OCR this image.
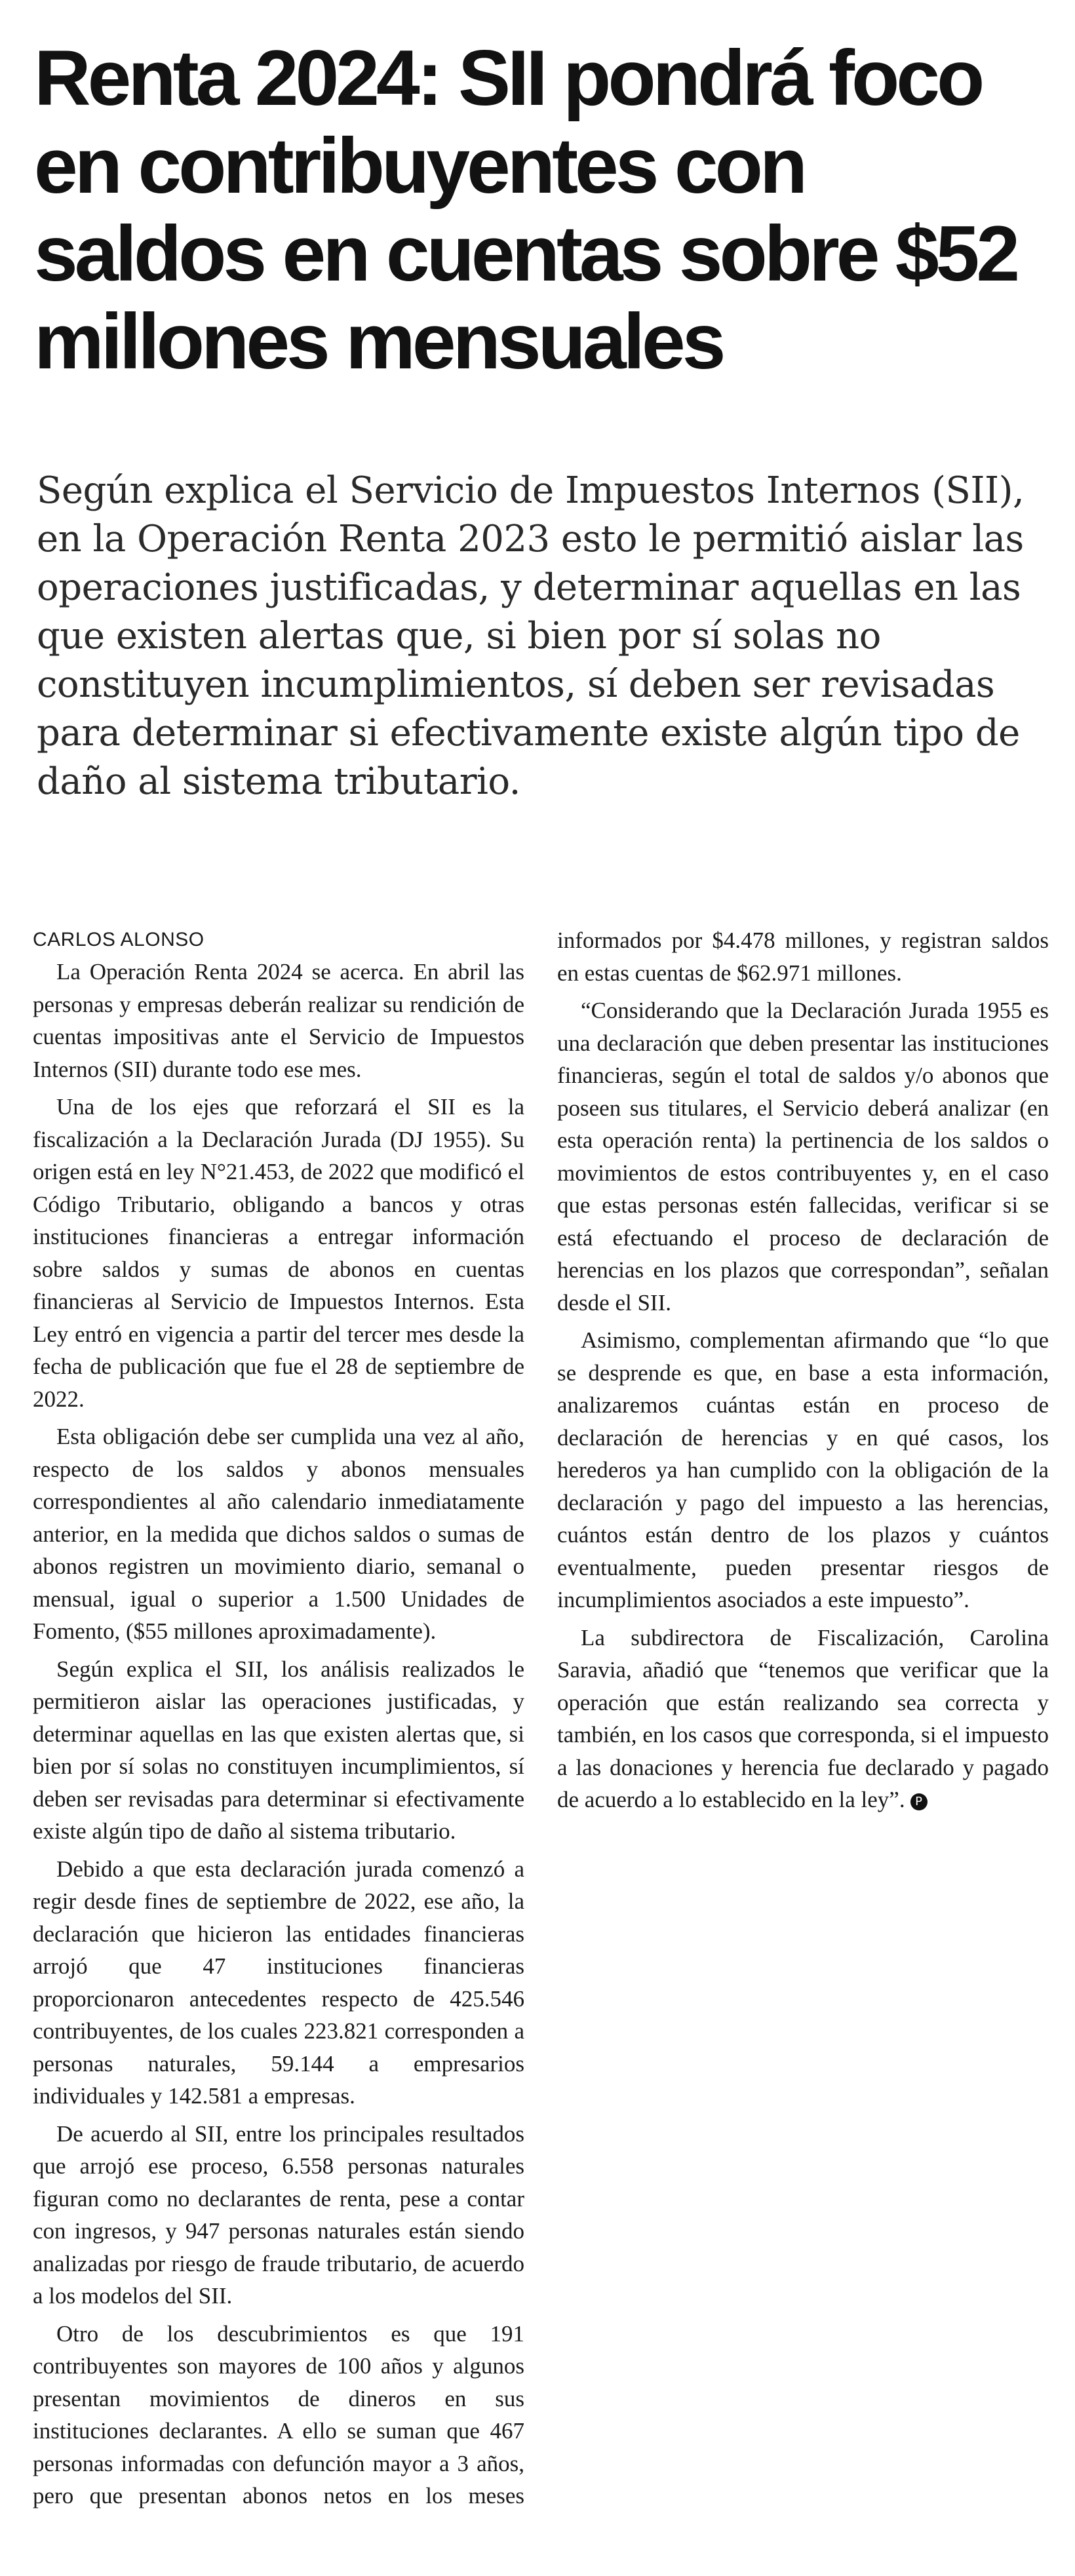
Renta 2024: SII pondrá foco en contribuyentes con saldos en cuentas sobre $52 millones mensuales

Según explica el Servicio de Impuestos Internos (SII), en la Operación Renta 2023 esto le permitió aislar las operaciones justificadas, y determinar aquellas en las que existen alertas que, si bien por sí solas no constituyen incumplimientos, sí deben ser revisadas para determinar si efectivamente existe algún tipo de daño al sistema tributario.

CARLOS ALONSO

La Operación Renta 2024 se acerca. En abril las personas y empresas deberán realizar su rendición de cuentas impositivas ante el Servicio de Impuestos Internos (SII) durante todo ese mes.

Una de los ejes que reforzará el SII es la fiscalización a la Declaración Jurada (DJ 1955). Su origen está en ley N°21.453, de 2022 que modificó el Código Tributario, obligando a bancos y otras instituciones financieras a entregar información sobre saldos y sumas de abonos en cuentas financieras al Servicio de Impuestos Internos. Esta Ley entró en vigencia a partir del tercer mes desde la fecha de publicación que fue el 28 de septiembre de 2022.

Esta obligación debe ser cumplida una vez al año, respecto de los saldos y abonos mensuales correspondientes al año calendario inmediatamente anterior, en la medida que dichos saldos o sumas de abonos registren un movimiento diario, semanal o mensual, igual o superior a 1.500 Unidades de Fomento, ($55 millones aproximadamente).

Según explica el SII, los análisis realizados le permitieron aislar las operaciones justificadas, y determinar aquellas en las que existen alertas que, si bien por sí solas no constituyen incumplimientos, sí deben ser revisadas para determinar si efectivamente existe algún tipo de daño al sistema tributario.

Debido a que esta declaración jurada comenzó a regir desde fines de septiembre de 2022, ese año, la declaración que hicieron las entidades financieras arrojó que 47 instituciones financieras proporcionaron antecedentes respecto de 425.546 contribuyentes, de los cuales 223.821 corresponden a personas naturales, 59.144 a empresarios individuales y 142.581 a empresas.

De acuerdo al SII, entre los principales resultados que arrojó ese proceso, 6.558 personas naturales figuran como no declarantes de renta, pese a contar con ingresos, y 947 personas naturales están siendo analizadas por riesgo de fraude tributario, de acuerdo a los modelos del SII.

Otro de los descubrimientos es que 191 contribuyentes son mayores de 100 años y algunos presentan movimientos de dineros en sus instituciones declarantes. A ello se suman que 467 personas informadas con defunción mayor a 3 años, pero que presentan abonos netos en los meses informados por $4.478 millones, y registran saldos en estas cuentas de $62.971 millones.

“Considerando que la Declaración Jurada 1955 es una declaración que deben presentar las instituciones financieras, según el total de saldos y/o abonos que poseen sus titulares, el Servicio deberá analizar (en esta operación renta) la pertinencia de los saldos o movimientos de estos contribuyentes y, en el caso que estas personas estén fallecidas, verificar si se está efectuando el proceso de declaración de herencias en los plazos que correspondan”, señalan desde el SII.

Asimismo, complementan afirmando que “lo que se desprende es que, en base a esta información, analizaremos cuántas están en proceso de declaración de herencias y en qué casos, los herederos ya han cumplido con la obligación de la declaración y pago del impuesto a las herencias, cuántos están dentro de los plazos y cuántos eventualmente, pueden presentar riesgos de incumplimientos asociados a este impuesto”.

La subdirectora de Fiscalización, Carolina Saravia, añadió que “tenemos que verificar que la operación que están realizando sea correcta y también, en los casos que corresponda, si el impuesto a las donaciones y herencia fue declarado y pagado de acuerdo a lo establecido en la ley”. P
